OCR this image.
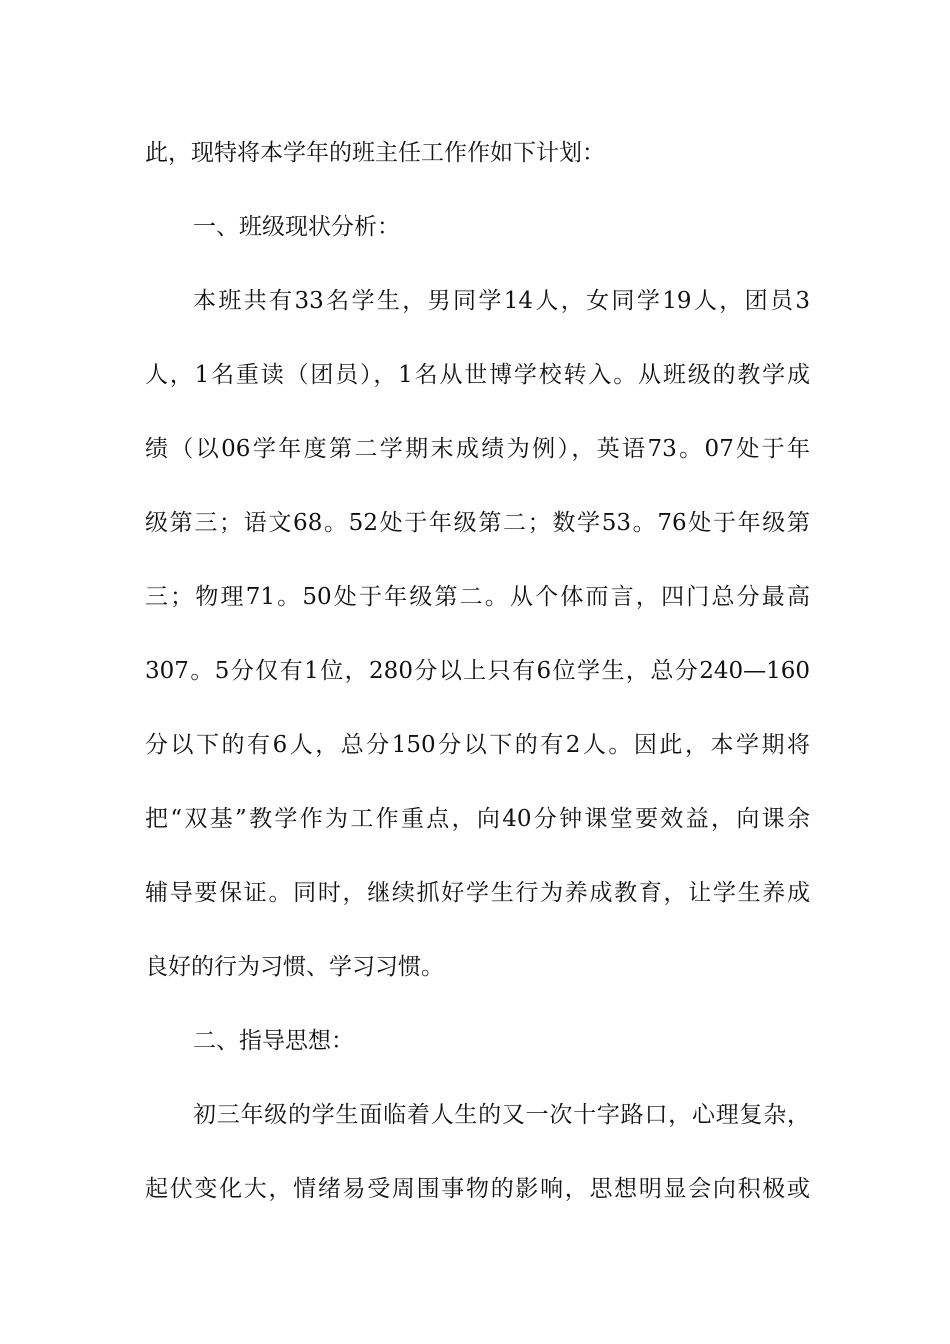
此，现特将本学年的班主任工作作如下计划：
一、班级现状分析：
本班共有33名学生，男同学14人，女同学19人，团员3
人，1名重读（团员），1名从世博学校转入。从班级的教学成
绩（以06学年度第二学期末成绩为例），英语73。07处于年
级第三；语文68。52处于年级第二；数学53。76处于年级第
三；物理71。50处于年级第二。从个体而言，四门总分最高
307。5分仅有1位，280分以上只有6位学生，总分240—160
分以下的有6人，总分150分以下的有2人。因此，本学期将
把“双基”教学作为工作重点，向40分钟课堂要效益，向课余
辅导要保证。同时，继续抓好学生行为养成教育，让学生养成
良好的行为习惯、学习习惯。
二、指导思想：
初三年级的学生面临着人生的又一次十字路口，心理复杂，
起伏变化大，情绪易受周围事物的影响，思想明显会向积极或
